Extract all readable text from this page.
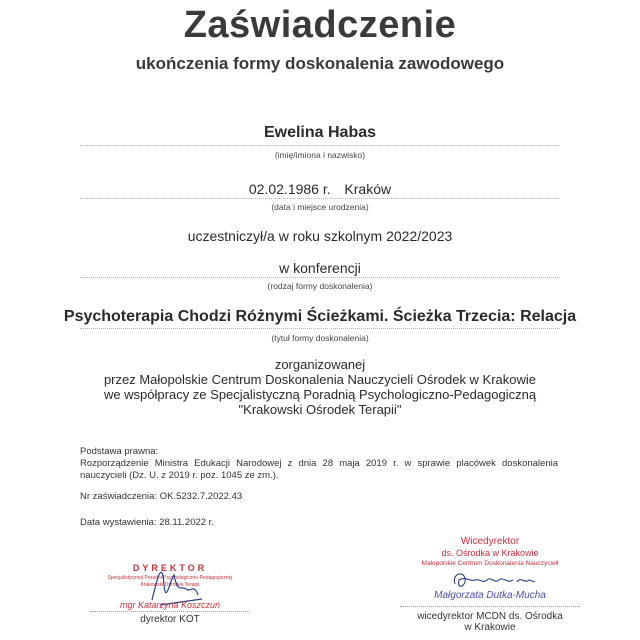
Zaświadczenie
ukończenia formy doskonalenia zawodowego
Ewelina Habas
(imię/imiona i nazwisko)
02.02.1986 r. Kraków
(data i miejsce urodzenia)
uczestniczył/a w roku szkolnym 2022/2023
w konferencji
(rodzaj formy doskonalenia)
Psychoterapia Chodzi Różnymi Ścieżkami. Ścieżka Trzecia: Relacja
(tytuł formy doskonalenia)
zorganizowanej
przez Małopolskie Centrum Doskonalenia Nauczycieli Ośrodek w Krakowie
we współpracy ze Specjalistyczną Poradnią Psychologiczno-Pedagogiczną
"Krakowski Ośrodek Terapii"

Podstawa prawna:

Rozporządzenie Ministra Edukacji Narodowej z dnia 28 maja 2019 r. w sprawie placówek doskonalenia nauczycieli (Dz. U. z 2019 r. poz. 1045 ze zm.).

Nr zaświadczenia: OK.5232.7.2022.43
Data wystawienia: 28.11.2022 r.
DYREKTOR
Specjalistycznej Poradni Psychologiczno-Pedagogicznej
Krakowski Ośrodek Terapii
mgr Katarzyna Koszczuń
dyrektor KOT
Wicedyrektor
ds. Ośrodka w Krakowie
Małopolskie Centrum Doskonalenia Nauczycieli
Małgorzata Dutka-Mucha
wicedyrektor MCDN ds. Ośrodka
w Krakowie
